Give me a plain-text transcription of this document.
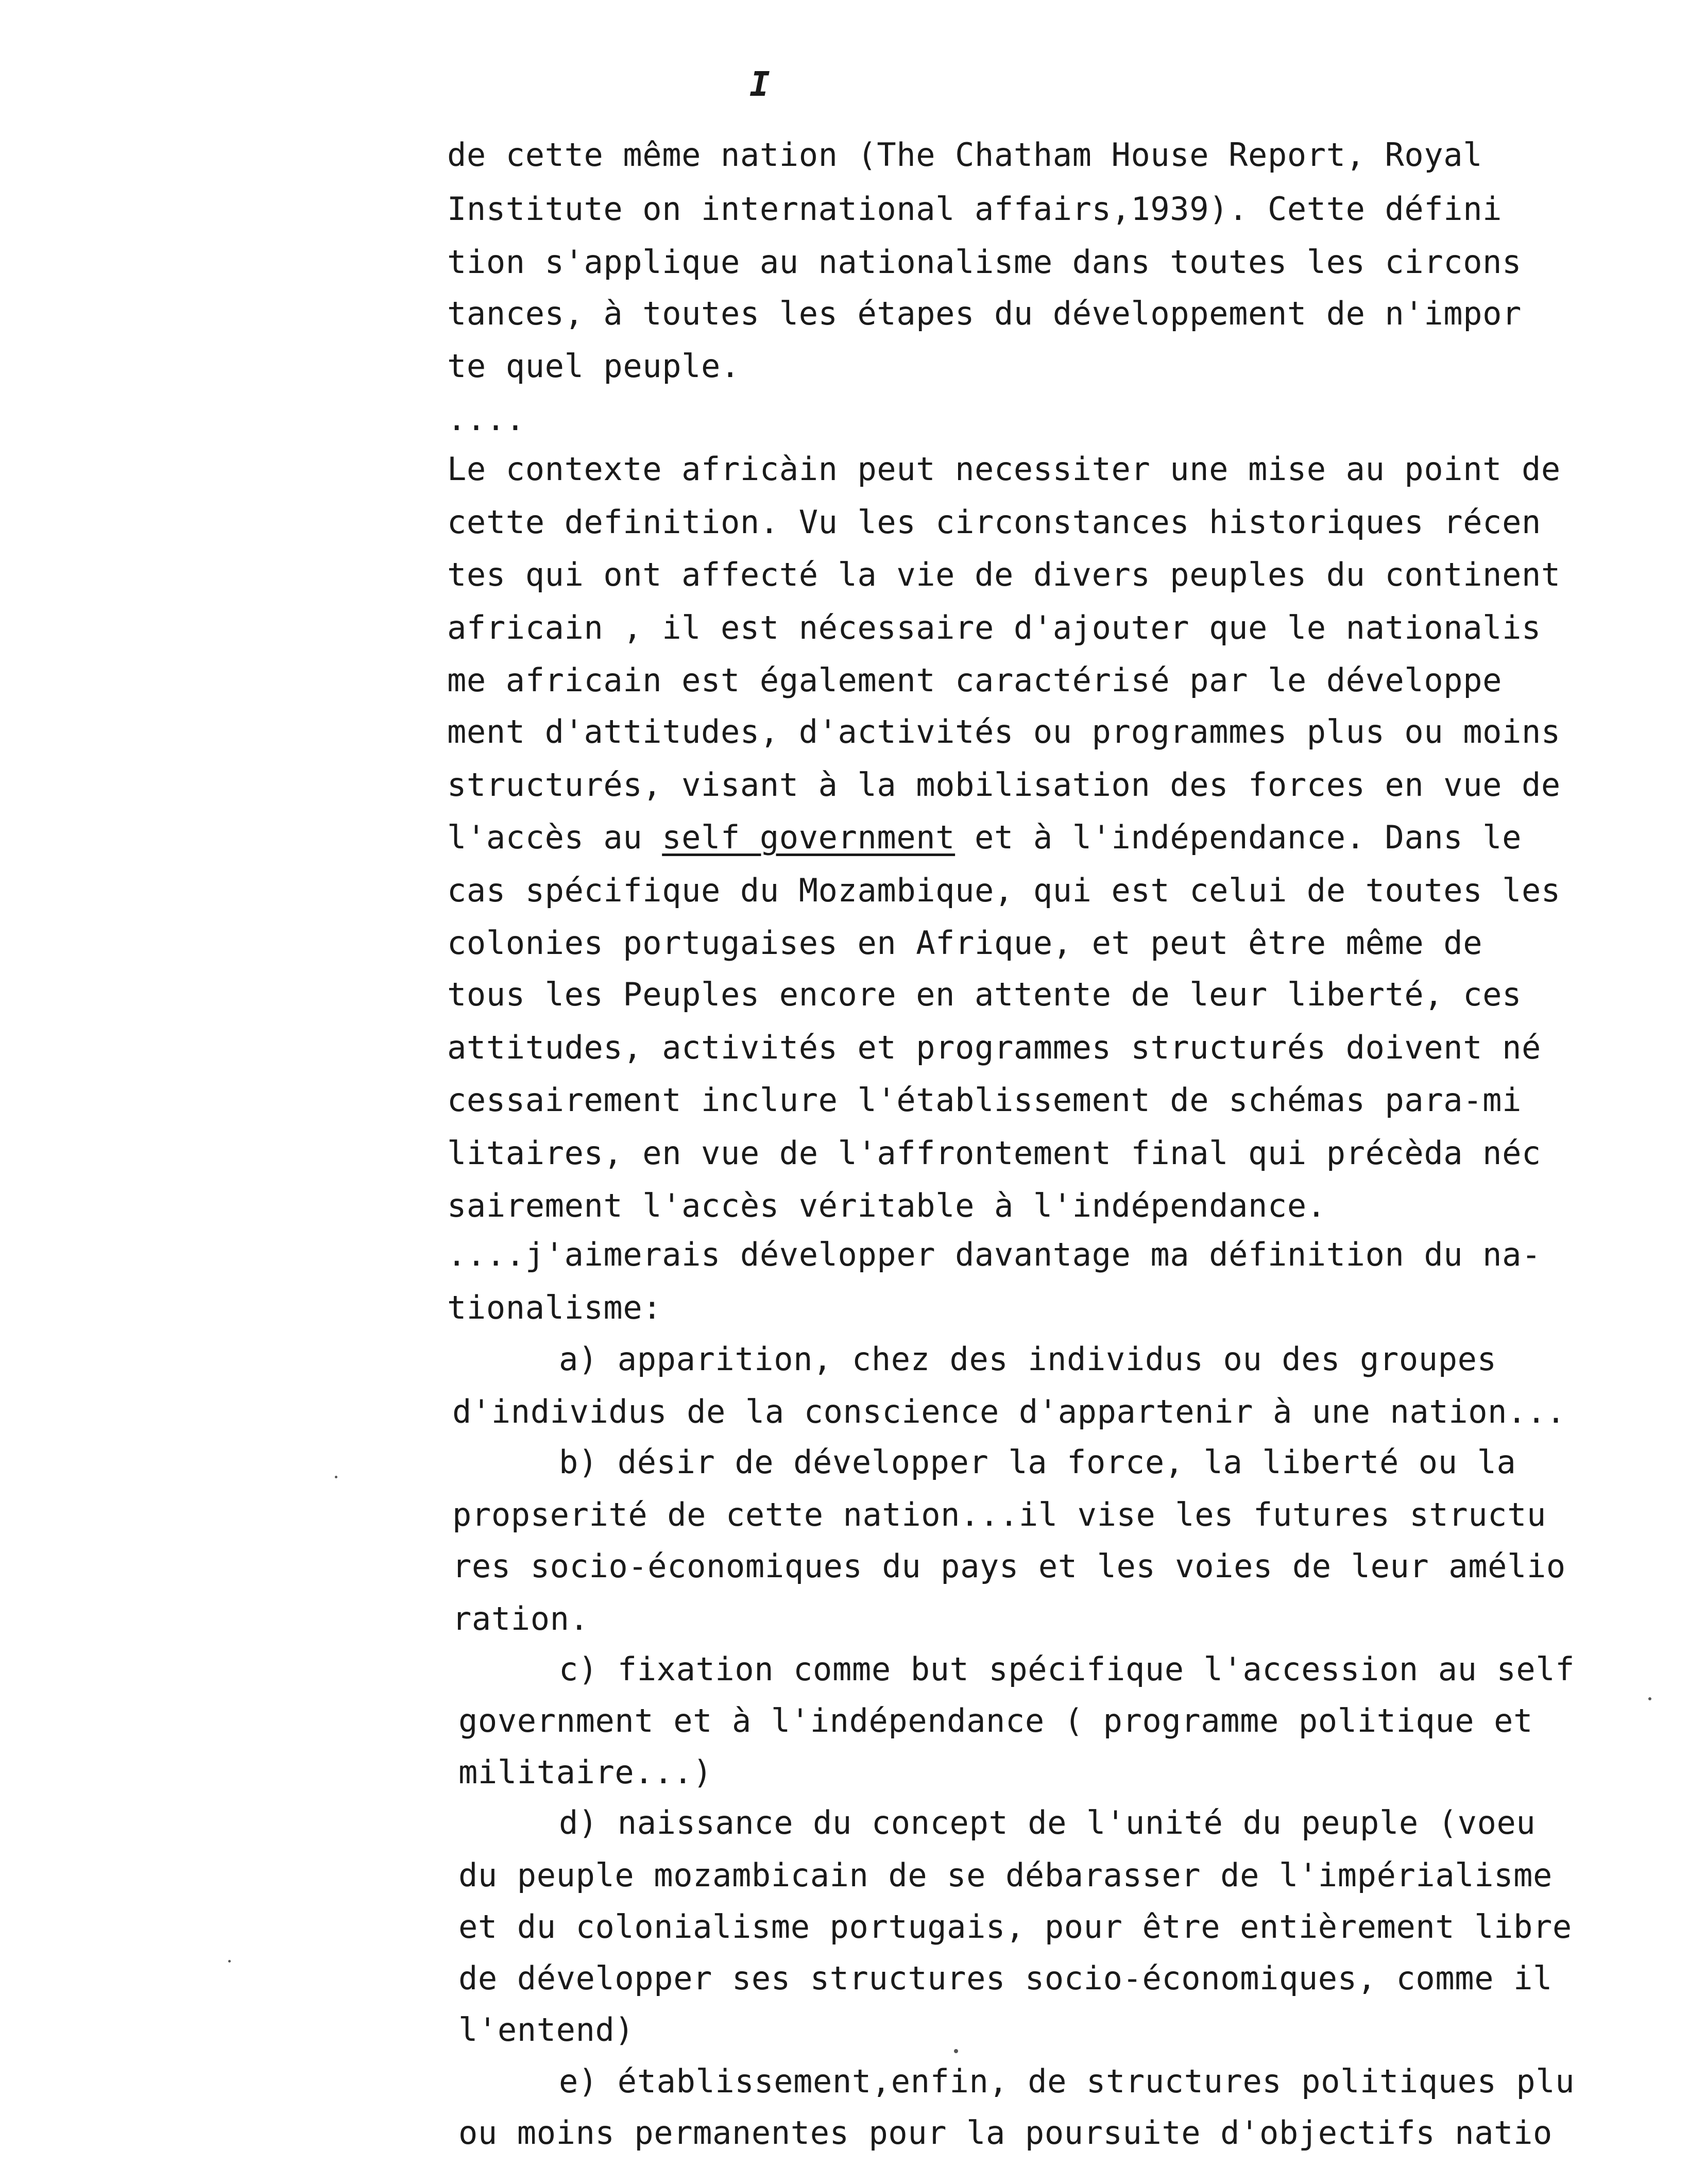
I
de cette même nation (The Chatham House Report, Royal
Institute on international affairs,1939). Cette défini
tion s'applique au nationalisme dans toutes les circons
tances, à toutes les étapes du développement de n'impor
te quel peuple.
....
Le contexte africàin peut necessiter une mise au point de
cette definition. Vu les circonstances historiques récen
tes qui ont affecté la vie de divers peuples du continent
africain , il est nécessaire d'ajouter que le nationalis
me africain est également caractérisé par le développe
ment d'attitudes, d'activités ou programmes plus ou moins
structurés, visant à la mobilisation des forces en vue de
l'accès au self government et à l'indépendance. Dans le
cas spécifique du Mozambique, qui est celui de toutes les
colonies portugaises en Afrique, et peut être même de
tous les Peuples encore en attente de leur liberté, ces
attitudes, activités et programmes structurés doivent né
cessairement inclure l'établissement de schémas para-mi
litaires, en vue de l'affrontement final qui précèda néc
sairement l'accès véritable à l'indépendance.
....j'aimerais développer davantage ma définition du na-
tionalisme:
a) apparition, chez des individus ou des groupes
d'individus de la conscience d'appartenir à une nation...
b) désir de développer la force, la liberté ou la
propserité de cette nation...il vise les futures structu
res socio-économiques du pays et les voies de leur amélio
ration.
c) fixation comme but spécifique l'accession au self
government et à l'indépendance ( programme politique et
militaire...)
d) naissance du concept de l'unité du peuple (voeu
du peuple mozambicain de se débarasser de l'impérialisme
et du colonialisme portugais, pour être entièrement libre
de développer ses structures socio-économiques, comme il
l'entend)
e) établissement,enfin, de structures politiques plu
ou moins permanentes pour la poursuite d'objectifs natio
